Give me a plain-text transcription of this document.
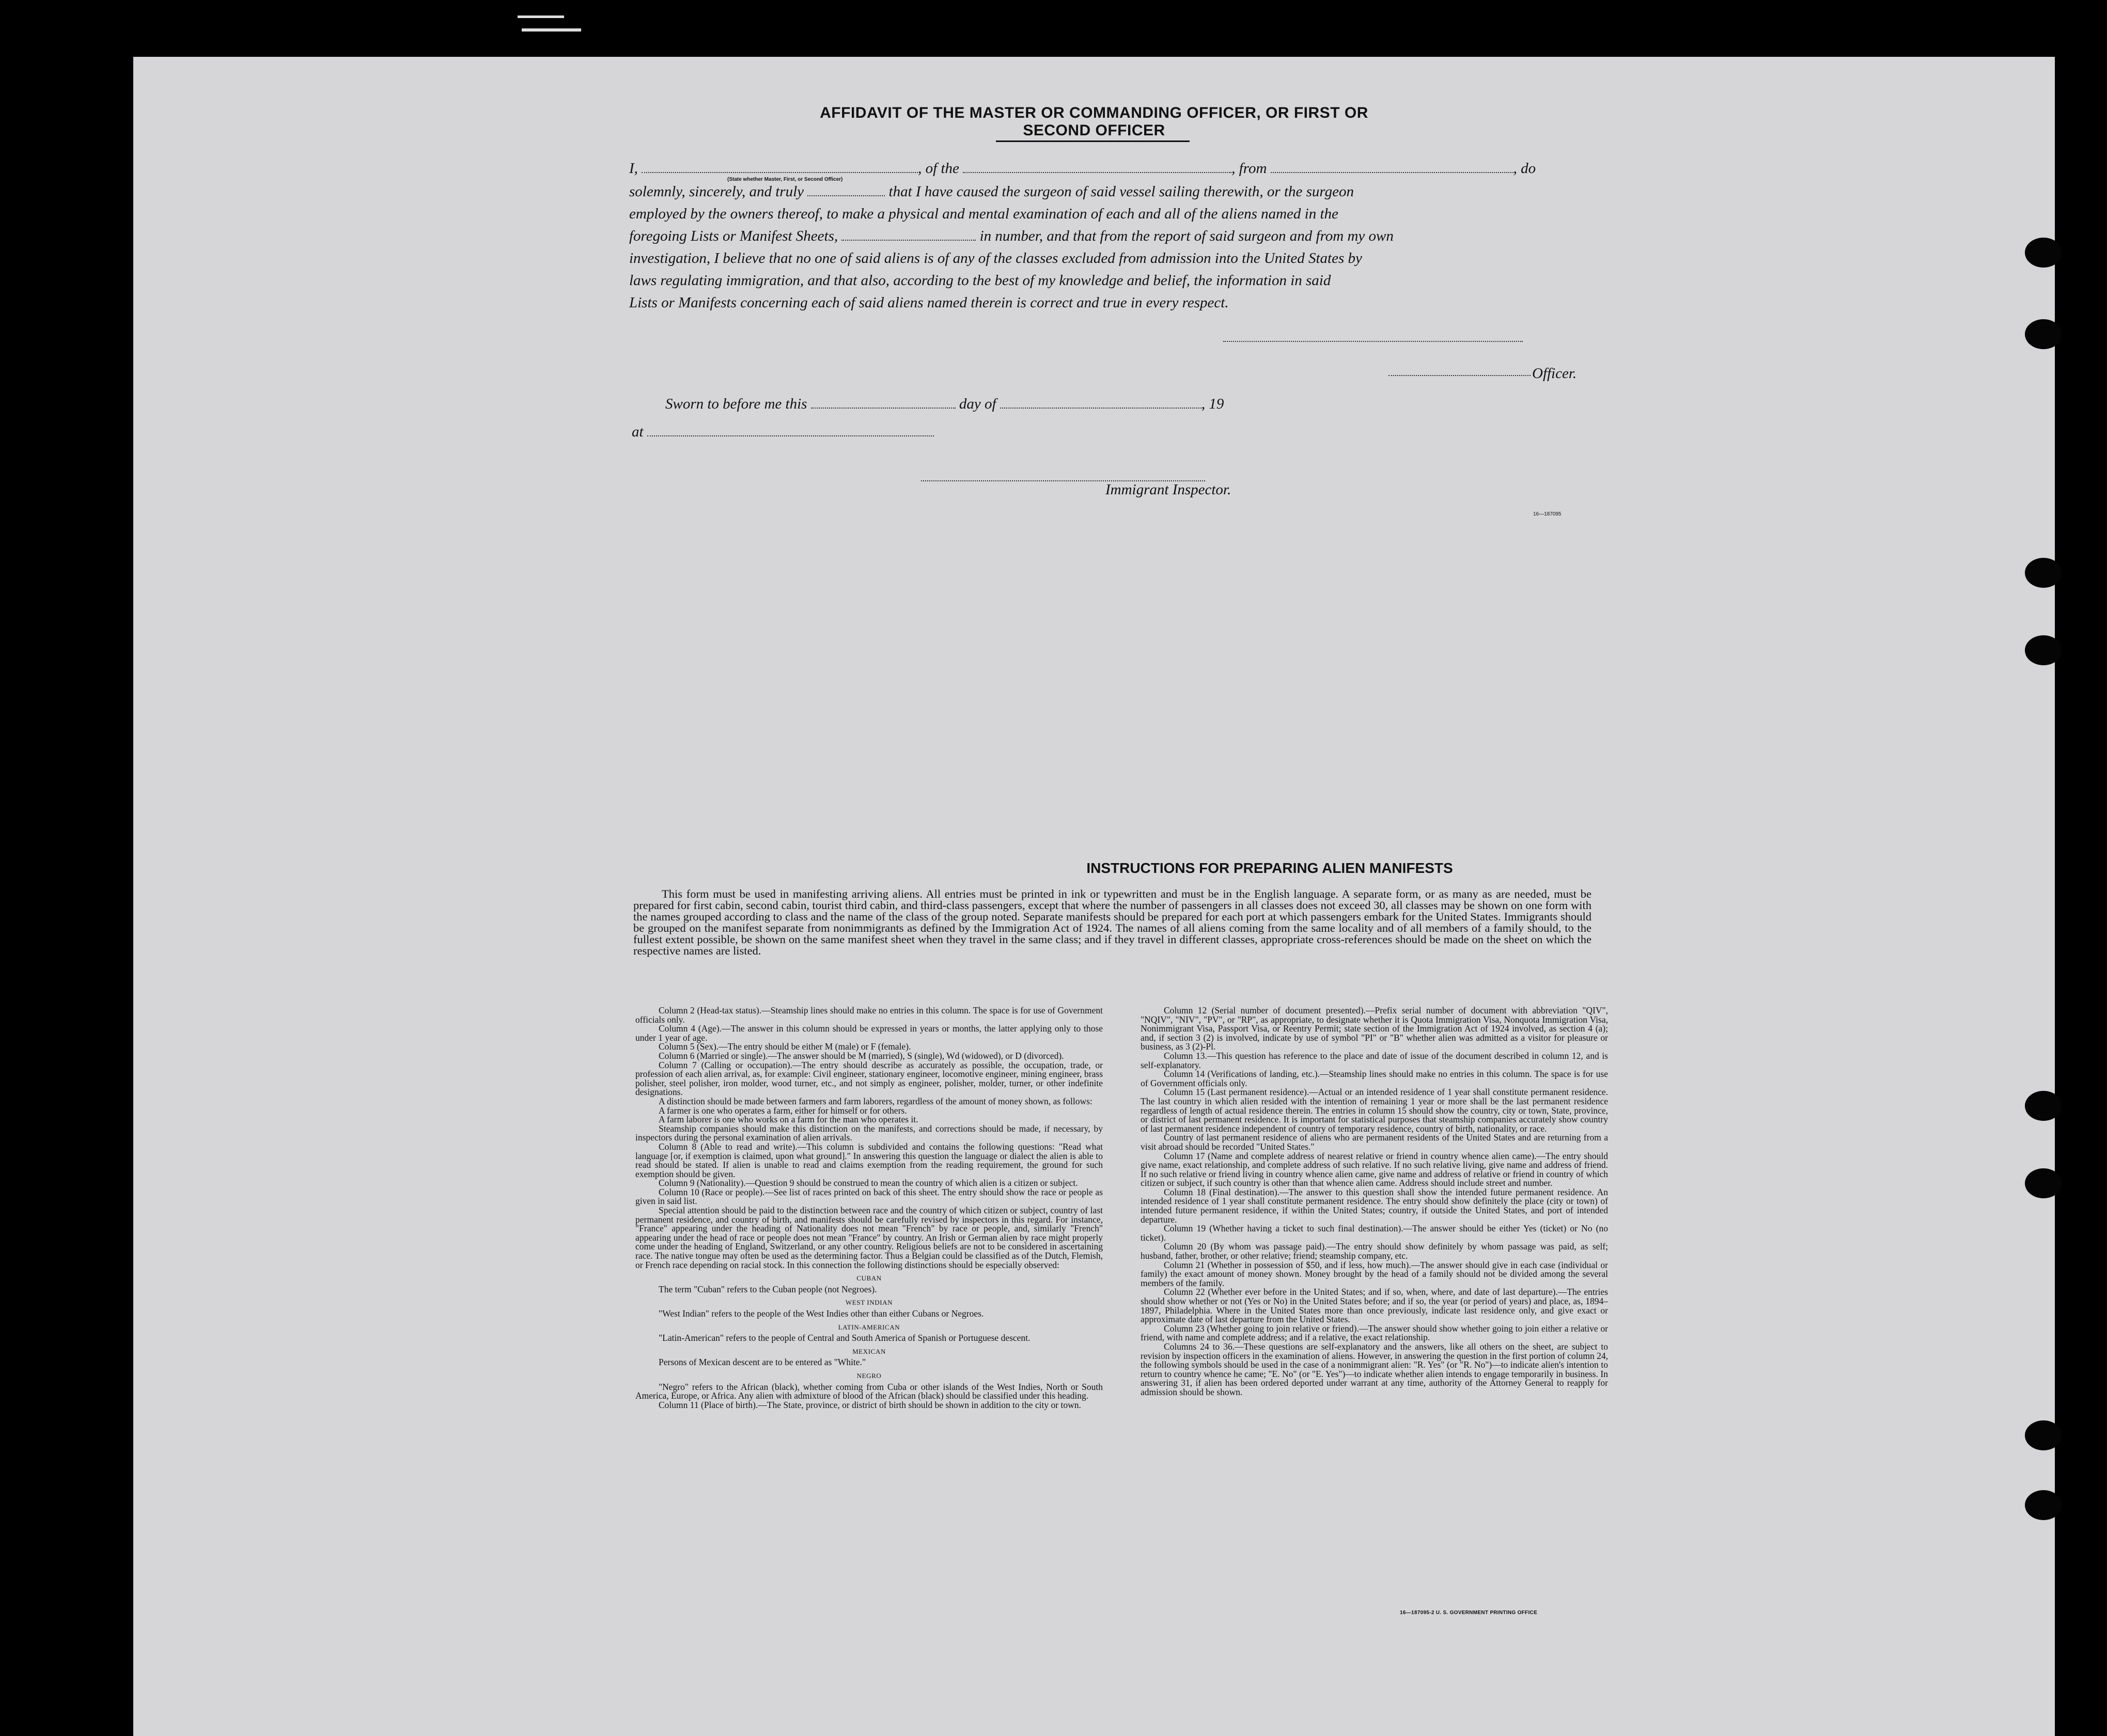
AFFIDAVIT OF THE MASTER OR COMMANDING OFFICER, OR FIRST OR SECOND OFFICER
I,	, of the	, from	, do
(State whether Master, First, or Second Officer)
solemnly, sincerely, and truly	that I have caused the surgeon of said vessel sailing therewith, or the surgeon
employed by the owners thereof, to make a physical and mental examination of each and all of the aliens named in the
foregoing Lists or Manifest Sheets,	in number, and that from the report of said surgeon and from my own
investigation, I believe that no one of said aliens is of any of the classes excluded from admission into the United States by
laws regulating immigration, and that also, according to the best of my knowledge and belief, the information in said
Lists or Manifests concerning each of said aliens named therein is correct and true in every respect.
Officer.
Sworn to before me this	day of	, 19
at
Immigrant Inspector.
16—187095
INSTRUCTIONS FOR PREPARING ALIEN MANIFESTS
This form must be used in manifesting arriving aliens. All entries must be printed in ink or typewritten and must be in the English language. A separate form, or as many as are needed, must be prepared for first cabin, second cabin, tourist third cabin, and third-class passengers, except that where the number of passengers in all classes does not exceed 30, all classes may be shown on one form with the names grouped according to class and the name of the class of the group noted. Separate manifests should be prepared for each port at which passengers embark for the United States. Immigrants should be grouped on the manifest separate from nonimmigrants as defined by the Immigration Act of 1924. The names of all aliens coming from the same locality and of all members of a family should, to the fullest extent possible, be shown on the same manifest sheet when they travel in the same class; and if they travel in different classes, appropriate cross-references should be made on the sheet on which the respective names are listed.

Column 2 (Head-tax status).—Steamship lines should make no entries in this column. The space is for use of Government officials only.

Column 4 (Age).—The answer in this column should be expressed in years or months, the latter applying only to those under 1 year of age.

Column 5 (Sex).—The entry should be either M (male) or F (female).

Column 6 (Married or single).—The answer should be M (married), S (single), Wd (widowed), or D (divorced).

Column 7 (Calling or occupation).—The entry should describe as accurately as possible, the occupation, trade, or profession of each alien arrival, as, for example: Civil engineer, stationary engineer, locomotive engineer, mining engineer, brass polisher, steel polisher, iron molder, wood turner, etc., and not simply as engineer, polisher, molder, turner, or other indefinite designations.

A distinction should be made between farmers and farm laborers, regardless of the amount of money shown, as follows:

A farmer is one who operates a farm, either for himself or for others.

A farm laborer is one who works on a farm for the man who operates it.

Steamship companies should make this distinction on the manifests, and corrections should be made, if necessary, by inspectors during the personal examination of alien arrivals.

Column 8 (Able to read and write).—This column is subdivided and contains the following questions: "Read what language [or, if exemption is claimed, upon what ground]." In answering this question the language or dialect the alien is able to read should be stated. If alien is unable to read and claims exemption from the reading requirement, the ground for such exemption should be given.

Column 9 (Nationality).—Question 9 should be construed to mean the country of which alien is a citizen or subject.

Column 10 (Race or people).—See list of races printed on back of this sheet. The entry should show the race or people as given in said list.

Special attention should be paid to the distinction between race and the country of which citizen or subject, country of last permanent residence, and country of birth, and manifests should be carefully revised by inspectors in this regard. For instance, "France" appearing under the heading of Nationality does not mean "French" by race or people, and, similarly "French" appearing under the head of race or people does not mean "France" by country. An Irish or German alien by race might properly come under the heading of England, Switzerland, or any other country. Religious beliefs are not to be considered in ascertaining race. The native tongue may often be used as the determining factor. Thus a Belgian could be classified as of the Dutch, Flemish, or French race depending on racial stock. In this connection the following distinctions should be especially observed:

CUBAN

The term "Cuban" refers to the Cuban people (not Negroes).

WEST INDIAN

"West Indian" refers to the people of the West Indies other than either Cubans or Negroes.

LATIN-AMERICAN

"Latin-American" refers to the people of Central and South America of Spanish or Portuguese descent.

MEXICAN

Persons of Mexican descent are to be entered as "White."

NEGRO

"Negro" refers to the African (black), whether coming from Cuba or other islands of the West Indies, North or South America, Europe, or Africa. Any alien with admixture of blood of the African (black) should be classified under this heading.

Column 11 (Place of birth).—The State, province, or district of birth should be shown in addition to the city or town.

Column 12 (Serial number of document presented).—Prefix serial number of document with abbreviation "QIV", "NQIV", "NIV", "PV", or "RP", as appropriate, to designate whether it is Quota Immigration Visa, Nonquota Immigration Visa, Nonimmigrant Visa, Passport Visa, or Reentry Permit; state section of the Immigration Act of 1924 involved, as section 4 (a); and, if section 3 (2) is involved, indicate by use of symbol "PI" or "B" whether alien was admitted as a visitor for pleasure or business, as 3 (2)-Pl.

Column 13.—This question has reference to the place and date of issue of the document described in column 12, and is self-explanatory.

Column 14 (Verifications of landing, etc.).—Steamship lines should make no entries in this column. The space is for use of Government officials only.

Column 15 (Last permanent residence).—Actual or an intended residence of 1 year shall constitute permanent residence. The last country in which alien resided with the intention of remaining 1 year or more shall be the last permanent residence regardless of length of actual residence therein. The entries in column 15 should show the country, city or town, State, province, or district of last permanent residence. It is important for statistical purposes that steamship companies accurately show country of last permanent residence independent of country of temporary residence, country of birth, nationality, or race.

Country of last permanent residence of aliens who are permanent residents of the United States and are returning from a visit abroad should be recorded "United States."

Column 17 (Name and complete address of nearest relative or friend in country whence alien came).—The entry should give name, exact relationship, and complete address of such relative. If no such relative living, give name and address of friend. If no such relative or friend living in country whence alien came, give name and address of relative or friend in country of which citizen or subject, if such country is other than that whence alien came. Address should include street and number.

Column 18 (Final destination).—The answer to this question shall show the intended future permanent residence. An intended residence of 1 year shall constitute permanent residence. The entry should show definitely the place (city or town) of intended future permanent residence, if within the United States; country, if outside the United States, and port of intended departure.

Column 19 (Whether having a ticket to such final destination).—The answer should be either Yes (ticket) or No (no ticket).

Column 20 (By whom was passage paid).—The entry should show definitely by whom passage was paid, as self; husband, father, brother, or other relative; friend; steamship company, etc.

Column 21 (Whether in possession of $50, and if less, how much).—The answer should give in each case (individual or family) the exact amount of money shown. Money brought by the head of a family should not be divided among the several members of the family.

Column 22 (Whether ever before in the United States; and if so, when, where, and date of last departure).—The entries should show whether or not (Yes or No) in the United States before; and if so, the year (or period of years) and place, as, 1894–1897, Philadelphia. Where in the United States more than once previously, indicate last residence only, and give exact or approximate date of last departure from the United States.

Column 23 (Whether going to join relative or friend).—The answer should show whether going to join either a relative or friend, with name and complete address; and if a relative, the exact relationship.

Columns 24 to 36.—These questions are self-explanatory and the answers, like all others on the sheet, are subject to revision by inspection officers in the examination of aliens. However, in answering the question in the first portion of column 24, the following symbols should be used in the case of a nonimmigrant alien: "R. Yes" (or "R. No")—to indicate alien's intention to return to country whence he came; "E. No" (or "E. Yes")—to indicate whether alien intends to engage temporarily in business. In answering 31, if alien has been ordered deported under warrant at any time, authority of the Attorney General to reapply for admission should be shown.

16—187095-2 U. S. GOVERNMENT PRINTING OFFICE
